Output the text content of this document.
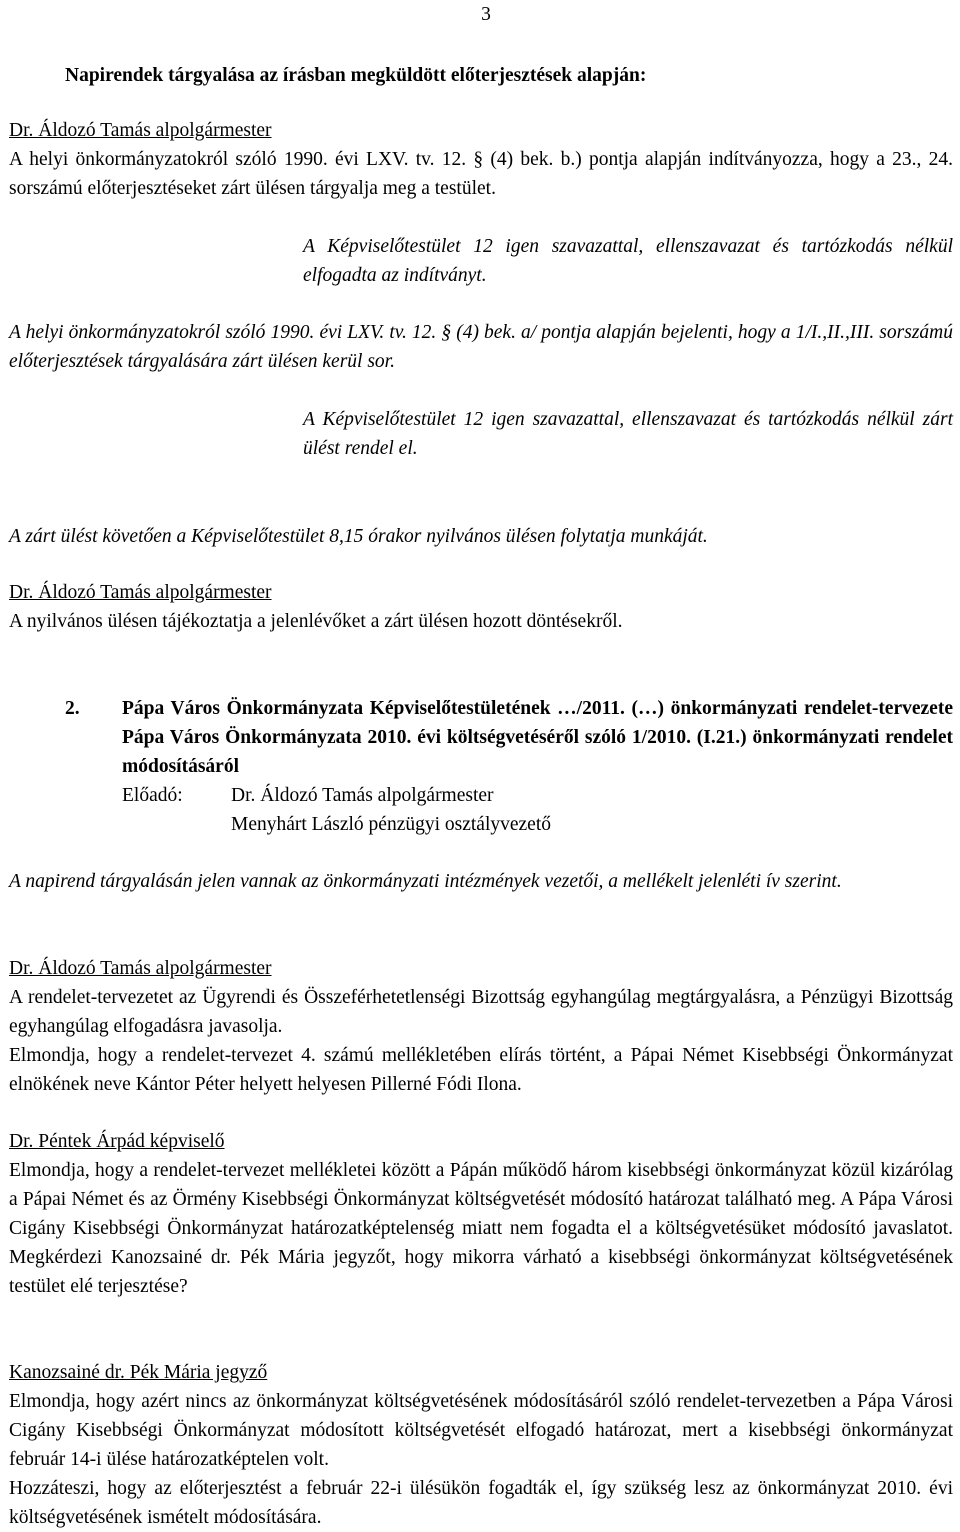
3

Napirendek tárgyalása az írásban megküldött előterjesztések alapján:

Dr. Áldozó Tamás alpolgármester

A helyi önkormányzatokról szóló 1990. évi LXV. tv. 12. § (4) bek. b.) pontja alapján indítványozza, hogy a 23., 24. sorszámú előterjesztéseket zárt ülésen tárgyalja meg a testület.

A Képviselőtestület 12 igen szavazattal, ellenszavazat és tartózkodás nélkül elfogadta az indítványt.

A helyi önkormányzatokról szóló 1990. évi LXV. tv. 12. § (4) bek. a/ pontja alapján bejelenti, hogy a 1/I.,II.,III. sorszámú előterjesztések tárgyalására zárt ülésen kerül sor.

A Képviselőtestület 12 igen szavazattal, ellenszavazat és tartózkodás nélkül zárt ülést rendel el.

A zárt ülést követően a Képviselőtestület 8,15 órakor nyilvános ülésen folytatja munkáját.

Dr. Áldozó Tamás alpolgármester

A nyilvános ülésen tájékoztatja a jelenlévőket a zárt ülésen hozott döntésekről.

2. Pápa Város Önkormányzata Képviselőtestületének …/2011. (…) önkormányzati rendelet-tervezete Pápa Város Önkormányzata 2010. évi költségvetéséről szóló 1/2010. (I.21.) önkormányzati rendelet módosításáról

Előadó: Dr. Áldozó Tamás alpolgármester

Menyhárt László pénzügyi osztályvezető

A napirend tárgyalásán jelen vannak az önkormányzati intézmények vezetői, a mellékelt jelenléti ív szerint.

Dr. Áldozó Tamás alpolgármester

A rendelet-tervezetet az Ügyrendi és Összeférhetetlenségi Bizottság egyhangúlag megtárgyalásra, a Pénzügyi Bizottság egyhangúlag elfogadásra javasolja.

Elmondja, hogy a rendelet-tervezet 4. számú mellékletében elírás történt, a Pápai Német Kisebbségi Önkormányzat elnökének neve Kántor Péter helyett helyesen Pillerné Fódi Ilona.

Dr. Péntek Árpád képviselő

Elmondja, hogy a rendelet-tervezet mellékletei között a Pápán működő három kisebbségi önkormányzat közül kizárólag a Pápai Német és az Örmény Kisebbségi Önkormányzat költségvetését módosító határozat található meg. A Pápa Városi Cigány Kisebbségi Önkormányzat határozatképtelenség miatt nem fogadta el a költségvetésüket módosító javaslatot. Megkérdezi Kanozsainé dr. Pék Mária jegyzőt, hogy mikorra várható a kisebbségi önkormányzat költségvetésének testület elé terjesztése?

Kanozsainé dr. Pék Mária jegyző

Elmondja, hogy azért nincs az önkormányzat költségvetésének módosításáról szóló rendelet-tervezetben a Pápa Városi Cigány Kisebbségi Önkormányzat módosított költségvetését elfogadó határozat, mert a kisebbségi önkormányzat február 14-i ülése határozatképtelen volt.

Hozzáteszi, hogy az előterjesztést a február 22-i ülésükön fogadták el, így szükség lesz az önkormányzat 2010. évi költségvetésének ismételt módosítására.
